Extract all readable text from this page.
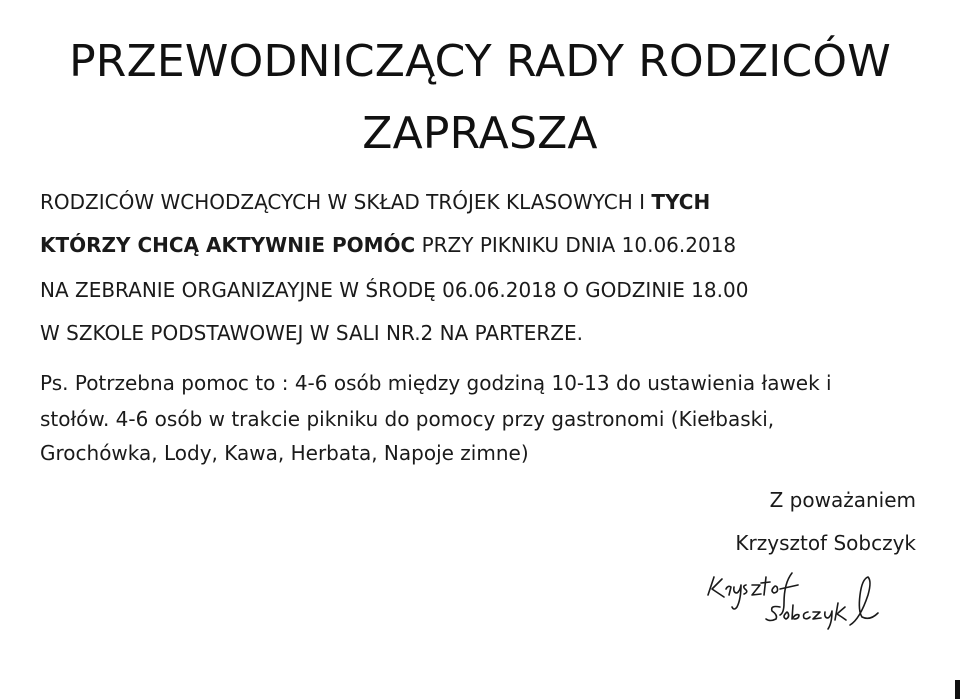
PRZEWODNICZĄCY RADY RODZICÓW
ZAPRASZA
RODZICÓW WCHODZĄCYCH W SKŁAD TRÓJEK KLASOWYCH I TYCH
KTÓRZY CHCĄ AKTYWNIE POMÓC PRZY PIKNIKU DNIA 10.06.2018
NA ZEBRANIE ORGANIZAYJNE W ŚRODĘ 06.06.2018 O GODZINIE 18.00
W SZKOLE PODSTAWOWEJ W SALI NR.2 NA PARTERZE.
Ps. Potrzebna pomoc to : 4-6 osób między godziną 10-13 do ustawienia ławek i
stołów. 4-6 osób w trakcie pikniku do pomocy przy gastronomi (Kiełbaski,
Grochówka, Lody, Kawa, Herbata, Napoje zimne)
Z poważaniem
Krzysztof Sobczyk
